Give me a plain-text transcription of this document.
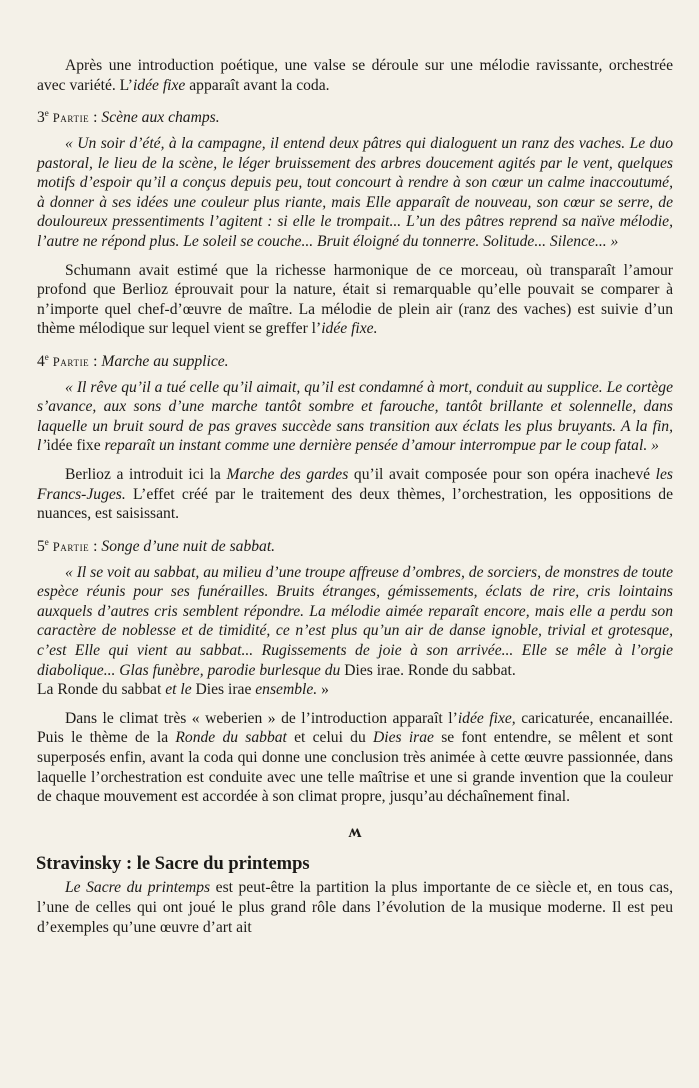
Après une introduction poétique, une valse se déroule sur une mélodie ravissante, orchestrée avec variété. L’idée fixe apparaît avant la coda.

3e Partie : Scène aux champs.

« Un soir d’été, à la campagne, il entend deux pâtres qui dialoguent un ranz des vaches. Le duo pastoral, le lieu de la scène, le léger bruissement des arbres doucement agités par le vent, quelques motifs d’espoir qu’il a conçus depuis peu, tout concourt à rendre à son cœur un calme inaccoutumé, à donner à ses idées une couleur plus riante, mais Elle apparaît de nouveau, son cœur se serre, de douloureux pressentiments l’agitent : si elle le trompait... L’un des pâtres reprend sa naïve mélodie, l’autre ne répond plus. Le soleil se couche... Bruit éloigné du tonnerre. Solitude... Silence... »

Schumann avait estimé que la richesse harmonique de ce morceau, où transparaît l’amour profond que Berlioz éprouvait pour la nature, était si remarquable qu’elle pouvait se comparer à n’importe quel chef-d’œuvre de maître. La mélodie de plein air (ranz des vaches) est suivie d’un thème mélodique sur lequel vient se greffer l’idée fixe.

4e Partie : Marche au supplice.

« Il rêve qu’il a tué celle qu’il aimait, qu’il est condamné à mort, conduit au supplice. Le cortège s’avance, aux sons d’une marche tantôt sombre et farouche, tantôt brillante et solennelle, dans laquelle un bruit sourd de pas graves succède sans transition aux éclats les plus bruyants. A la fin, l’idée fixe reparaît un instant comme une dernière pensée d’amour interrompue par le coup fatal. »

Berlioz a introduit ici la Marche des gardes qu’il avait composée pour son opéra inachevé les Francs-Juges. L’effet créé par le traitement des deux thèmes, l’orchestration, les oppositions de nuances, est saisissant.

5e Partie : Songe d’une nuit de sabbat.

« Il se voit au sabbat, au milieu d’une troupe affreuse d’ombres, de sorciers, de monstres de toute espèce réunis pour ses funérailles. Bruits étranges, gémissements, éclats de rire, cris lointains auxquels d’autres cris semblent répondre. La mélodie aimée reparaît encore, mais elle a perdu son caractère de noblesse et de timidité, ce n’est plus qu’un air de danse ignoble, trivial et grotesque, c’est Elle qui vient au sabbat... Rugissements de joie à son arrivée... Elle se mêle à l’orgie diabolique... Glas funèbre, parodie burlesque du Dies irae. Ronde du sabbat.
La Ronde du sabbat et le Dies irae ensemble. »

Dans le climat très « weberien » de l’introduction apparaît l’idée fixe, caricaturée, encanaillée. Puis le thème de la Ronde du sabbat et celui du Dies irae se font entendre, se mêlent et sont superposés enfin, avant la coda qui donne une conclusion très animée à cette œuvre passionnée, dans laquelle l’orchestration est conduite avec une telle maîtrise et une si grande invention que la couleur de chaque mouvement est accordée à son climat propre, jusqu’au déchaînement final.

ʍ
Stravinsky : le Sacre du printemps

Le Sacre du printemps est peut-être la partition la plus importante de ce siècle et, en tous cas, l’une de celles qui ont joué le plus grand rôle dans l’évolution de la musique moderne. Il est peu d’exemples qu’une œuvre d’art ait
